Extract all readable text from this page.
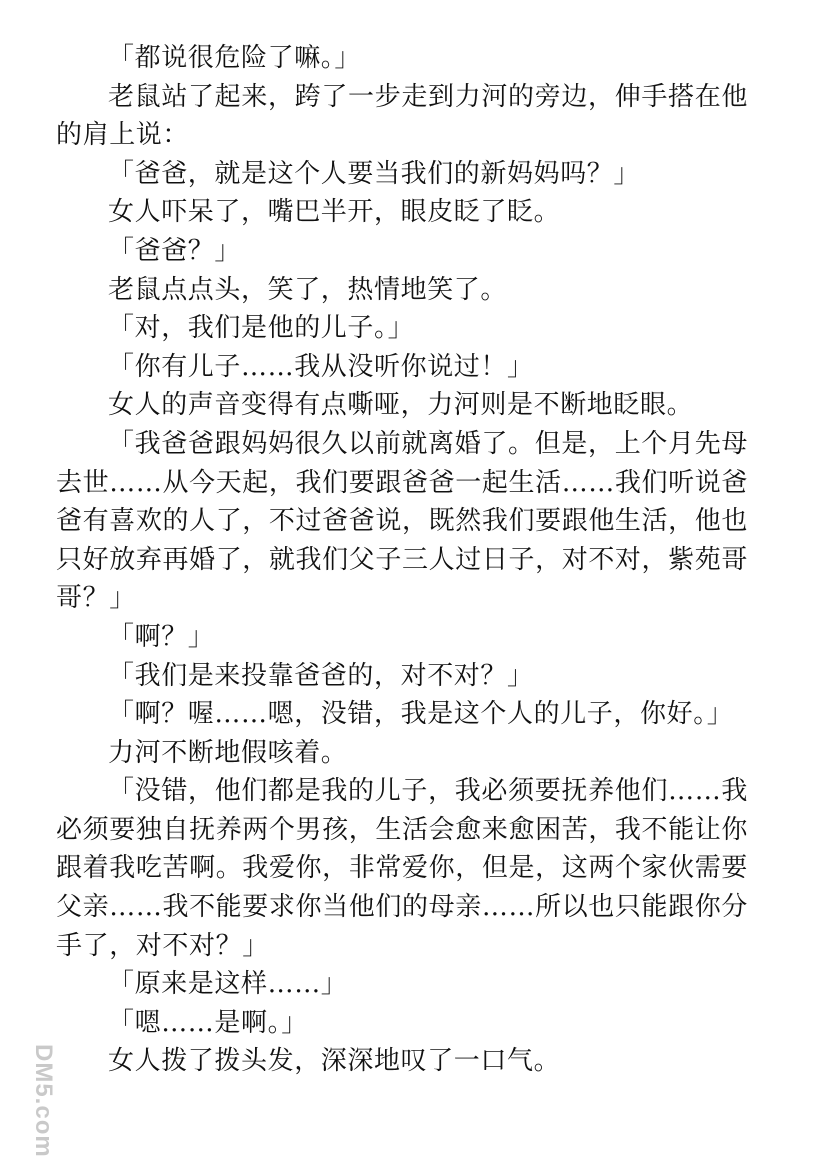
「都说很危险了嘛。」

老鼠站了起来，跨了一步走到力河的旁边，伸手搭在他的肩上说：

「爸爸，就是这个人要当我们的新妈妈吗？」

女人吓呆了，嘴巴半开，眼皮眨了眨。

「爸爸？」

老鼠点点头，笑了，热情地笑了。

「对，我们是他的儿子。」

「你有儿子……我从没听你说过！」

女人的声音变得有点嘶哑，力河则是不断地眨眼。

「我爸爸跟妈妈很久以前就离婚了。但是，上个月先母去世……从今天起，我们要跟爸爸一起生活……我们听说爸爸有喜欢的人了，不过爸爸说，既然我们要跟他生活，他也只好放弃再婚了，就我们父子三人过日子，对不对，紫苑哥哥？」

「啊？」

「我们是来投靠爸爸的，对不对？」

「啊？喔……嗯，没错，我是这个人的儿子，你好。」

力河不断地假咳着。

「没错，他们都是我的儿子，我必须要抚养他们……我必须要独自抚养两个男孩，生活会愈来愈困苦，我不能让你跟着我吃苦啊。我爱你，非常爱你，但是，这两个家伙需要父亲……我不能要求你当他们的母亲……所以也只能跟你分手了，对不对？」

「原来是这样……」

「嗯……是啊。」

女人拨了拨头发，深深地叹了一口气。

DM5.com
